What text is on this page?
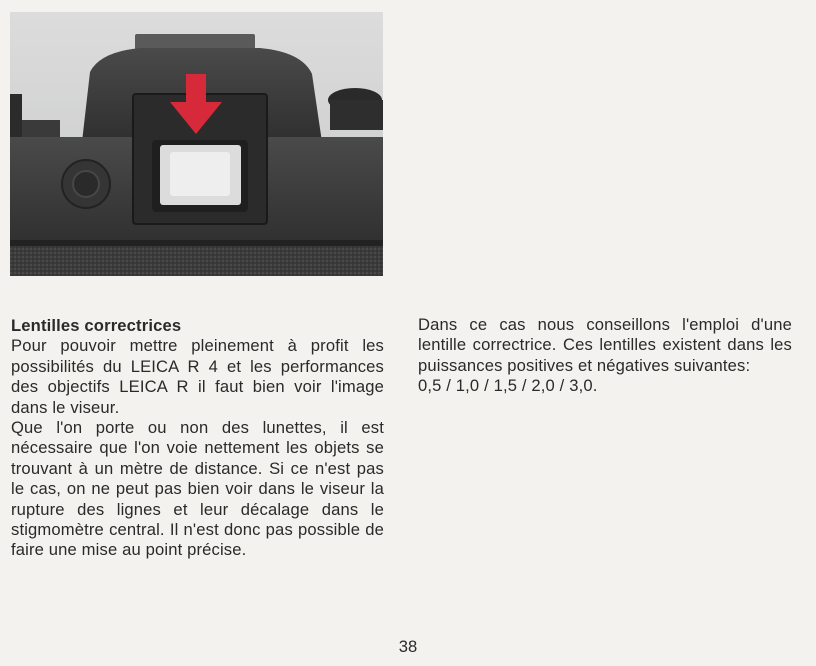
Lentilles correctrices

Pour pouvoir mettre pleinement à profit les possibilités du LEICA R 4 et les performances des objectifs LEICA R il faut bien voir l'image dans le viseur.

Que l'on porte ou non des lunettes, il est nécessaire que l'on voie nettement les objets se trouvant à un mètre de distance. Si ce n'est pas le cas, on ne peut pas bien voir dans le viseur la rupture des lignes et leur décalage dans le stigmomètre central. Il n'est donc pas possible de faire une mise au point précise.

Dans ce cas nous conseillons l'emploi d'une lentille correctrice. Ces lentilles existent dans les puissances positives et négatives suivantes:

0,5 / 1,0 / 1,5 / 2,0 / 3,0.

38
